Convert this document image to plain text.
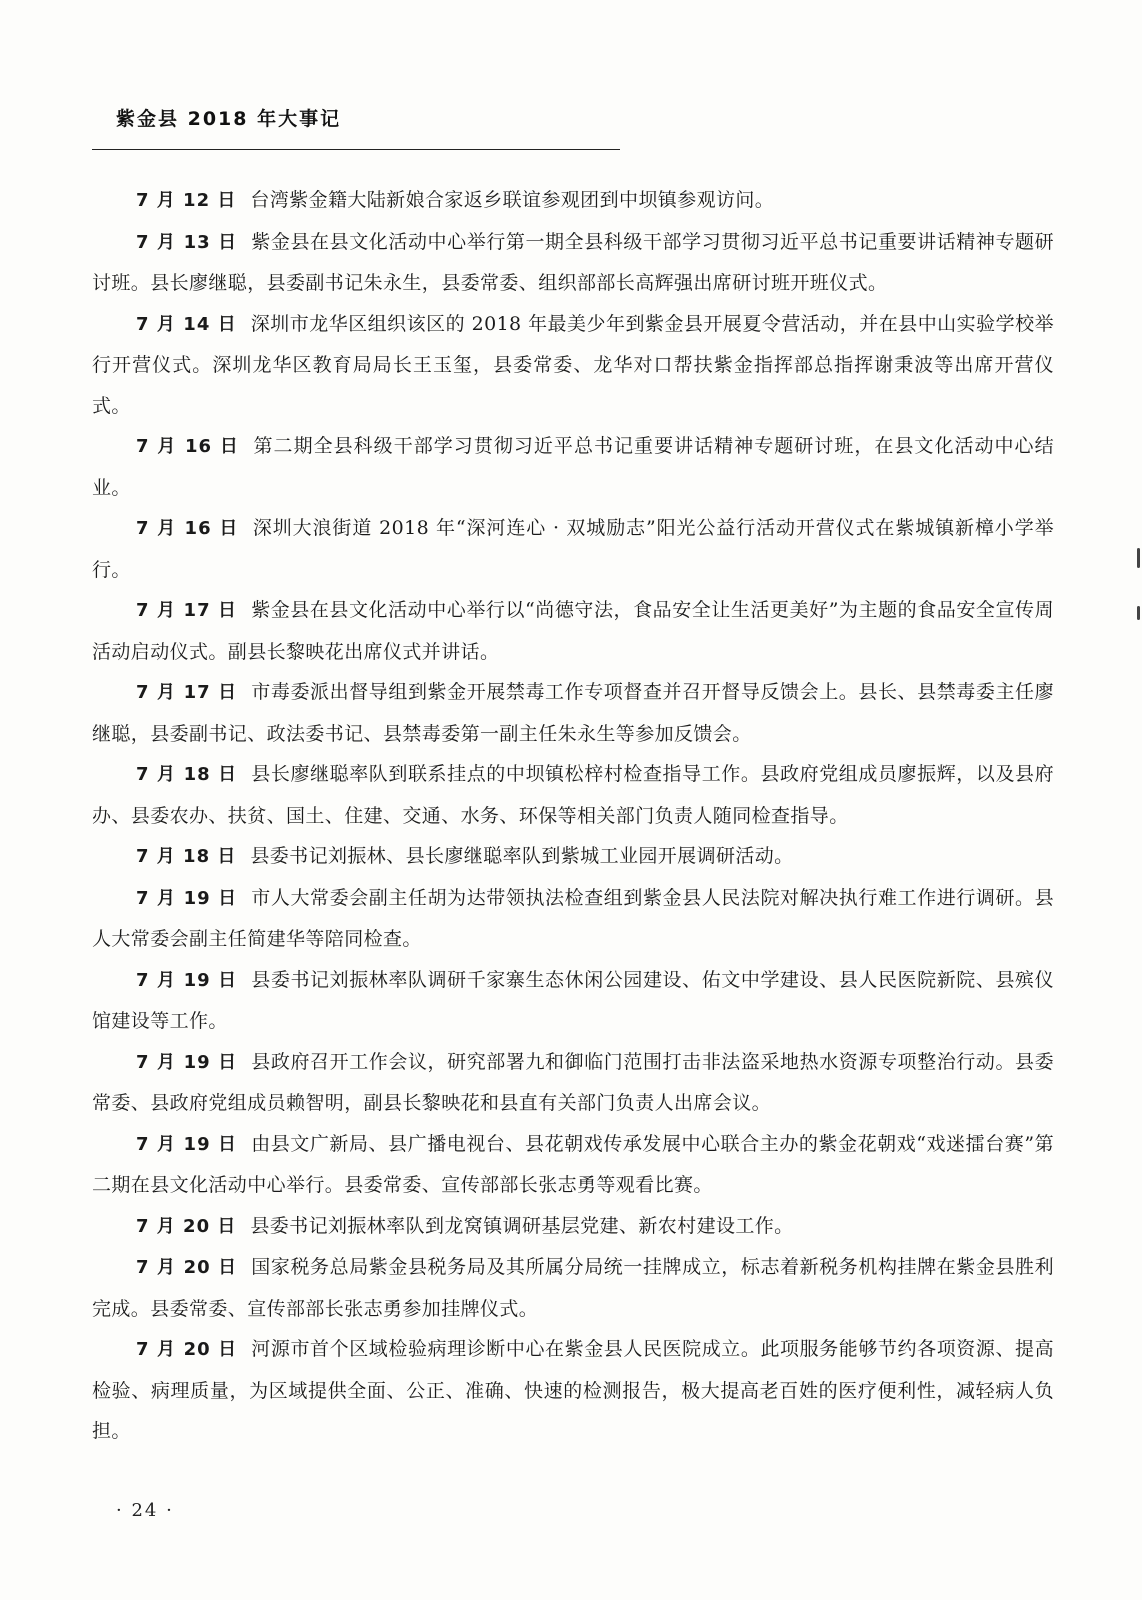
紫金县 2018 年大事记

7 月 12 日 台湾紫金籍大陆新娘合家返乡联谊参观团到中坝镇参观访问。

7 月 13 日 紫金县在县文化活动中心举行第一期全县科级干部学习贯彻习近平总书记重要讲话精神专题研讨班。县长廖继聪，县委副书记朱永生，县委常委、组织部部长高辉强出席研讨班开班仪式。

7 月 14 日 深圳市龙华区组织该区的 2018 年最美少年到紫金县开展夏令营活动，并在县中山实验学校举行开营仪式。深圳龙华区教育局局长王玉玺，县委常委、龙华对口帮扶紫金指挥部总指挥谢秉波等出席开营仪式。

7 月 16 日 第二期全县科级干部学习贯彻习近平总书记重要讲话精神专题研讨班，在县文化活动中心结业。

7 月 16 日 深圳大浪街道 2018 年“深河连心 · 双城励志”阳光公益行活动开营仪式在紫城镇新樟小学举行。

7 月 17 日 紫金县在县文化活动中心举行以“尚德守法，食品安全让生活更美好”为主题的食品安全宣传周活动启动仪式。副县长黎映花出席仪式并讲话。

7 月 17 日 市毒委派出督导组到紫金开展禁毒工作专项督查并召开督导反馈会上。县长、县禁毒委主任廖继聪，县委副书记、政法委书记、县禁毒委第一副主任朱永生等参加反馈会。

7 月 18 日 县长廖继聪率队到联系挂点的中坝镇松梓村检查指导工作。县政府党组成员廖振辉，以及县府办、县委农办、扶贫、国土、住建、交通、水务、环保等相关部门负责人随同检查指导。

7 月 18 日 县委书记刘振林、县长廖继聪率队到紫城工业园开展调研活动。

7 月 19 日 市人大常委会副主任胡为达带领执法检查组到紫金县人民法院对解决执行难工作进行调研。县人大常委会副主任简建华等陪同检查。

7 月 19 日 县委书记刘振林率队调研千家寨生态休闲公园建设、佑文中学建设、县人民医院新院、县殡仪馆建设等工作。

7 月 19 日 县政府召开工作会议，研究部署九和御临门范围打击非法盗采地热水资源专项整治行动。县委常委、县政府党组成员赖智明，副县长黎映花和县直有关部门负责人出席会议。

7 月 19 日 由县文广新局、县广播电视台、县花朝戏传承发展中心联合主办的紫金花朝戏“戏迷擂台赛”第二期在县文化活动中心举行。县委常委、宣传部部长张志勇等观看比赛。

7 月 20 日 县委书记刘振林率队到龙窝镇调研基层党建、新农村建设工作。

7 月 20 日 国家税务总局紫金县税务局及其所属分局统一挂牌成立，标志着新税务机构挂牌在紫金县胜利完成。县委常委、宣传部部长张志勇参加挂牌仪式。

7 月 20 日 河源市首个区域检验病理诊断中心在紫金县人民医院成立。此项服务能够节约各项资源、提高检验、病理质量，为区域提供全面、公正、准确、快速的检测报告，极大提高老百姓的医疗便利性，减轻病人负担。

· 24 ·
